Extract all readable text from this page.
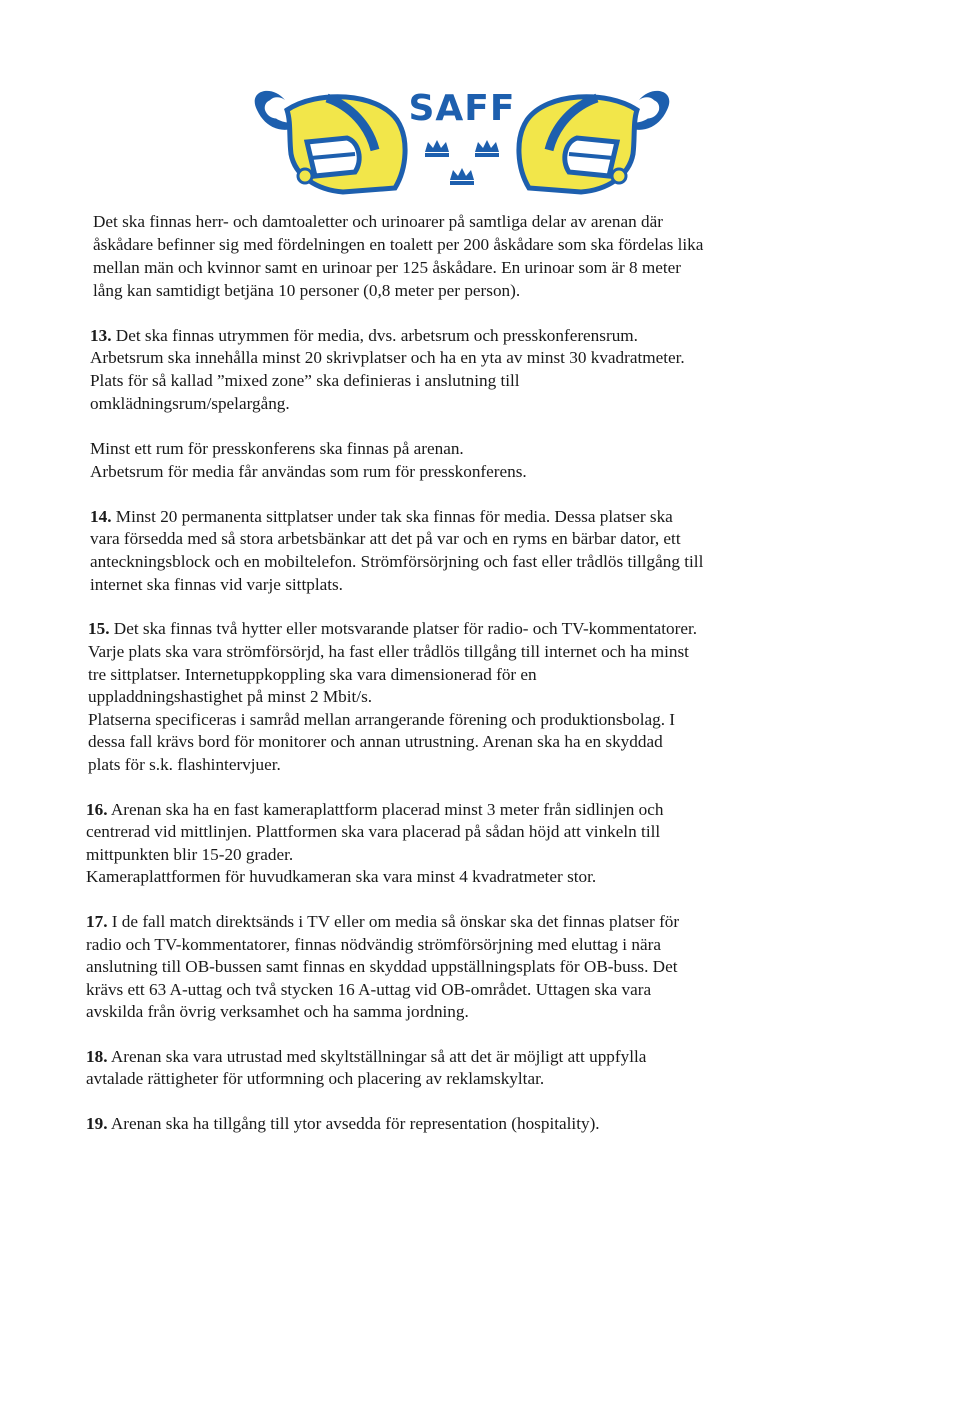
SAFF
Det ska finnas herr- och damtoaletter och urinoarer på samtliga delar av arenan där
åskådare befinner sig med fördelningen en toalett per 200 åskådare som ska fördelas lika
mellan män och kvinnor samt en urinoar per 125 åskådare. En urinoar som är 8 meter
lång kan samtidigt betjäna 10 personer (0,8 meter per person).
13. Det ska finnas utrymmen för media, dvs. arbetsrum och presskonferensrum.
Arbetsrum ska innehålla minst 20 skrivplatser och ha en yta av minst 30 kvadratmeter.
Plats för så kallad ”mixed zone” ska definieras i anslutning till
omklädningsrum/spelargång.
Minst ett rum för presskonferens ska finnas på arenan.
Arbetsrum för media får användas som rum för presskonferens.
14. Minst 20 permanenta sittplatser under tak ska finnas för media. Dessa platser ska
vara försedda med så stora arbetsbänkar att det på var och en ryms en bärbar dator, ett
anteckningsblock och en mobiltelefon. Strömförsörjning och fast eller trådlös tillgång till
internet ska finnas vid varje sittplats.
15. Det ska finnas två hytter eller motsvarande platser för radio- och TV-kommentatorer.
Varje plats ska vara strömförsörjd, ha fast eller trådlös tillgång till internet och ha minst
tre sittplatser. Internetuppkoppling ska vara dimensionerad för en
uppladdningshastighet på minst 2 Mbit/s.
Platserna specificeras i samråd mellan arrangerande förening och produktionsbolag. I
dessa fall krävs bord för monitorer och annan utrustning. Arenan ska ha en skyddad
plats för s.k. flashintervjuer.
16. Arenan ska ha en fast kameraplattform placerad minst 3 meter från sidlinjen och
centrerad vid mittlinjen. Plattformen ska vara placerad på sådan höjd att vinkeln till
mittpunkten blir 15-20 grader.
Kameraplattformen för huvudkameran ska vara minst 4 kvadratmeter stor.
17. I de fall match direktsänds i TV eller om media så önskar ska det finnas platser för
radio och TV-kommentatorer, finnas nödvändig strömförsörjning med eluttag i nära
anslutning till OB-bussen samt finnas en skyddad uppställningsplats för OB-buss. Det
krävs ett 63 A-uttag och två stycken 16 A-uttag vid OB-området. Uttagen ska vara
avskilda från övrig verksamhet och ha samma jordning.
18. Arenan ska vara utrustad med skyltställningar så att det är möjligt att uppfylla
avtalade rättigheter för utformning och placering av reklamskyltar.
19. Arenan ska ha tillgång till ytor avsedda för representation (hospitality).
